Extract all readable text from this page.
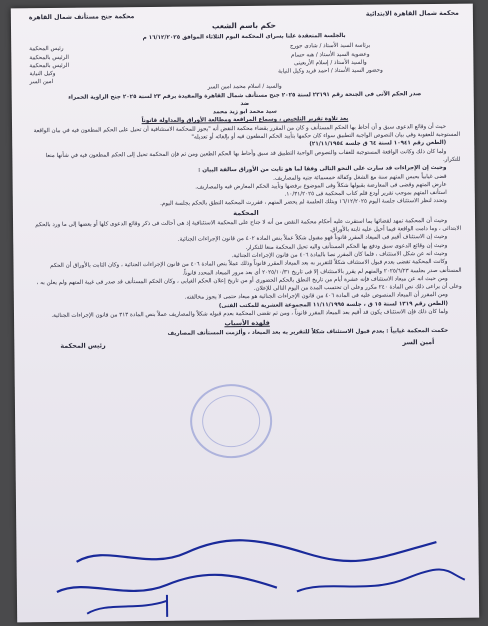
محكمة شمال القاهرة الابتدائية
محكمة جنح مستأنف شمال القاهرة
حكم باسم الشعب
بالجلسة المنعقدة علنا بسراى المحكمة اليوم الثلاثاء الموافق ١٦/١٢/٢٠٢٥ م
برئاسة السيد الأستاذ / شادى جورج
وعضوية السيد الأستاذ / هبه حسام
والسيد الأستاذ / إسلام الأربعينى
وحضور السيد الأستاذ / احمد فريد وكيل النيابة
رئيس المحكمة
الرئيس بالمحكمة
الرئيس بالمحكمة
وكيل النيابة
امين السر
والسيد / اسلام محمد امين السر
صدر الحكم الآتى فى الجنحة رقم ٢٢١٩١ لسنة ٢٠٢٥ جنح مستأنف شمال القاهرة والمقيدة برقم ٢٣ لسنة ٢٠٢٥ جنح الزاوية الحمراء
ضد
سيد محمد ابو زيد محمد
بعد تلاوة تقرير التلخيص ، وسماع المرافعة ومطالعة الأوراق والمداولة قانوناً

حيث أن وقائع الدعوى سبق و أن أحاط بها الحكم المستأنف و كان من المقرر بقضاء محكمة النقض أنه "يجوز للمحكمة الاستئنافية أن تحيل على الحكم المطعون فيه في بيان الواقعة المستوجبة للعقوبة وفي بيان النصوص الواجبة التطبيق سواء كان حكمها بتأييد الحكم المطعون فيه أو بإلغائه أو تعديله"

(الطعن رقم ١٠٩٤١ لسنة ٦٤ ق جلسة ٢١/١١/١٩٥٤)

ولما كان ذلك وكانت الواقعة المستوجبة للعقاب والنصوص الواجبة التطبيق قد سبق وأحاط بها الحكم الطعين ومن ثم فإن المحكمة تحيل إلى الحكم المطعون فيه في شأنها منعا للتكرار.

وحيث إن الإجراءات قد سارت على النحو التالى وفقا لما هو ثابت من الأوراق سالفة البيان :

قضى غيابياً بحبس المتهم سنة مع الشغل وكفالة خمسمائة جنيه والمصاريف.

عارض المتهم وقضى فى المعارضة بقبولها شكلاً وفى الموضوع برفضها وتأييد الحكم المعارض فيه والمصاريف.

استأنف المتهم بموجب تقرير أودع قلم كتاب المحكمة فى ١٠/٣١/٢٠٢٥.

وتحدد لنظر الاستئناف جلسة اليوم ١٦/١٢/٢٠٢٥ وبتلك الجلسة لم يحضر المتهم ، فقررت المحكمة النطق بالحكم بجلسة اليوم.

المحكمة

وحيث أن المحكمة تمهد لقضائها بما استقرت عليه أحكام محكمة النقض من أنه لا جناح على المحكمة الاستئنافية إذ هى أحالت فى ذكر وقائع الدعوى كلها أو بعضها إلى ما ورد بالحكم الابتدائى ، وما دامت الواقعة فيما أحيل عليه ثابتة بالأوراق.

وحيث إن الاستئناف أقيم فى الميعاد المقرر قانوناً فهو مقبول شكلاً عملاً بنص المادة ٤٠٢ من قانون الإجراءات الجنائية.

وحيث إن وقائع الدعوى سبق ودفع بها الحكم المستأنف واليه تحيل المحكمة منعا للتكرار.

وحيث انه عن شكل الاستئناف ، فلما كان المقرر نصا بالمادة ٤٠٦ من قانون الإجراءات الجنائية.

وكانت المحكمة تقضى بعدم قبول الاستئناف شكلاً للتقرير به بعد الميعاد المقرر قانوناً وذلك عملاً بنص المادة ٤٠٦ من قانون الإجراءات الجنائية ، وكان الثابت بالأوراق أن الحكم المستأنف صدر بجلسة ٢٠٢٥/٦/٢٣ والمتهم لم يقرر بالاستئناف إلا فى تاريخ ٢٠٢٥/١٠/٣١ أى بعد مرور الميعاد المحدد قانوناً.

ومن حيث انه عن ميعاد الاستئناف فإنه عشرة أيام من تاريخ النطق بالحكم الحضورى أو من تاريخ إعلان الحكم الغيابى ، وكان الحكم المستأنف قد صدر فى غيبة المتهم ولم يعلن به ، وعلى أن يراعى ذلك نص المادة ٢٤٠ مكرر وعلى ان تحتسب المدة من اليوم التالى للإعلان.

ومن المقرر أن الميعاد المنصوص عليه فى المادة ٤٠٦ من قانون الإجراءات الجنائية هو ميعاد حتمى لا يجوز مخالفته.

(الطعن رقم ١٣١٩ لسنة ١٥ ق ، جلسة ١١/١١/١٩٩٥ المجموعة العشرية للمكتب الفنى)

ولما كان ذلك فإن الاستئناف يكون قد أقيم بعد الميعاد المقرر قانوناً ، ومن ثم تقضى المحكمة بعدم قبوله شكلاً والمصاريف عملاً بنص المادة ٣١٣ من قانون الإجراءات الجنائية.

فلهذه الأسباب

حكمت المحكمة غيابياً : بعدم قبول الاستئناف شكلاً للتقرير به بعد الميعاد ، وألزمت المستأنف المصاريف

أمين السر
رئيس المحكمة
